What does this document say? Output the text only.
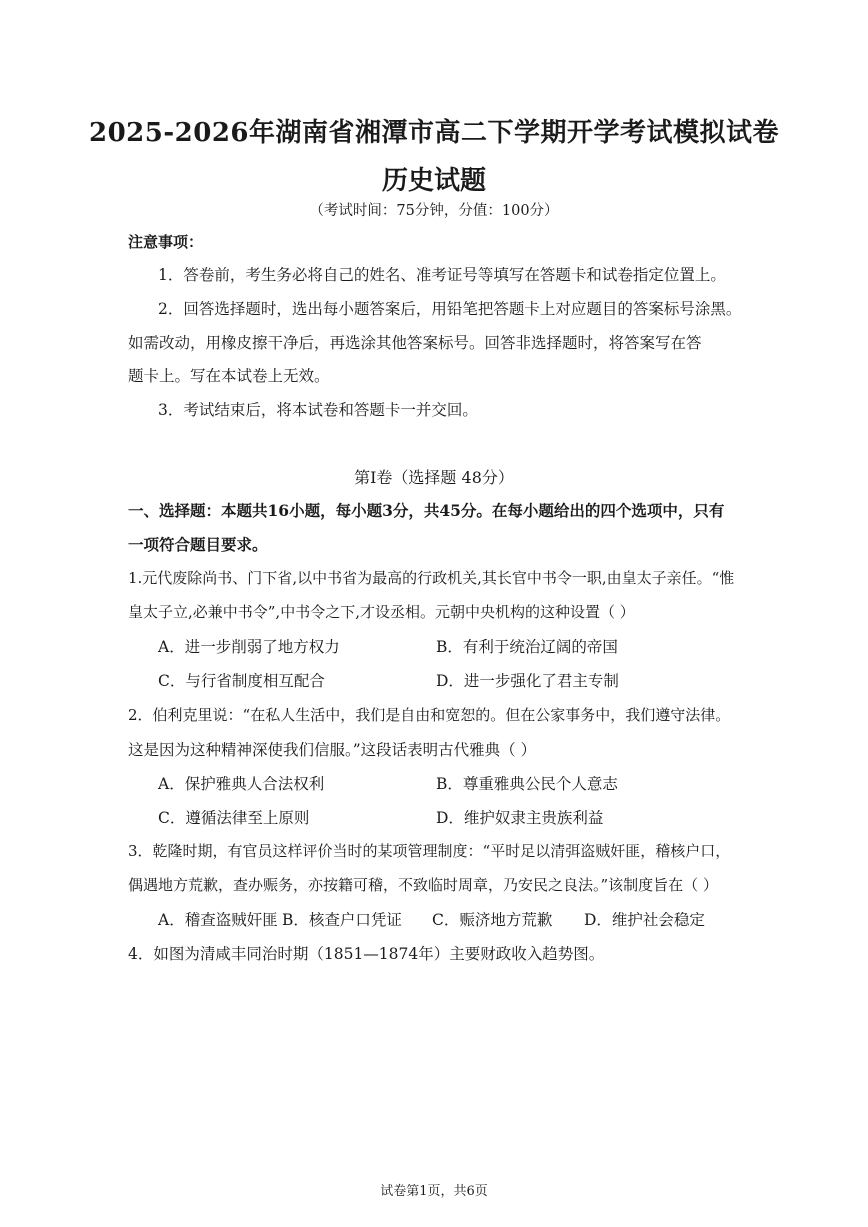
2025-2026年湖南省湘潭市高二下学期开学考试模拟试卷
历史试题
（考试时间：75分钟，分值：100分）
注意事项：
1．答卷前，考生务必将自己的姓名、准考证号等填写在答题卡和试卷指定位置上。
2．回答选择题时，选出每小题答案后，用铅笔把答题卡上对应题目的答案标号涂黑。
如需改动，用橡皮擦干净后，再选涂其他答案标号。回答非选择题时，将答案写在答
题卡上。写在本试卷上无效。
3．考试结束后，将本试卷和答题卡一并交回。
第Ⅰ卷（选择题 48分）
一、选择题：本题共16小题，每小题3分，共45分。在每小题给出的四个选项中，只有
一项符合题目要求。
1.元代废除尚书、门下省,以中书省为最高的行政机关,其长官中书令一职,由皇太子亲任。“惟
皇太子立,必兼中书令”,中书令之下,才设丞相。元朝中央机构的这种设置（ ）
A．进一步削弱了地方权力	B．有利于统治辽阔的帝国
C．与行省制度相互配合	D．进一步强化了君主专制
2．伯利克里说：“在私人生活中，我们是自由和宽恕的。但在公家事务中，我们遵守法律。
这是因为这种精神深使我们信服。”这段话表明古代雅典（ ）
A．保护雅典人合法权利	B．尊重雅典公民个人意志
C．遵循法律至上原则	D．维护奴隶主贵族利益
3．乾隆时期，有官员这样评价当时的某项管理制度：“平时足以清弭盗贼奸匪，稽核户口，
偶遇地方荒歉，查办赈务，亦按籍可稽，不致临时周章，乃安民之良法。”该制度旨在（ ）
A．稽查盗贼奸匪 B．核查户口凭证 C．赈济地方荒歉 D．维护社会稳定
4．如图为清咸丰同治时期（1851—1874年）主要财政收入趋势图。
试卷第1页，共6页
